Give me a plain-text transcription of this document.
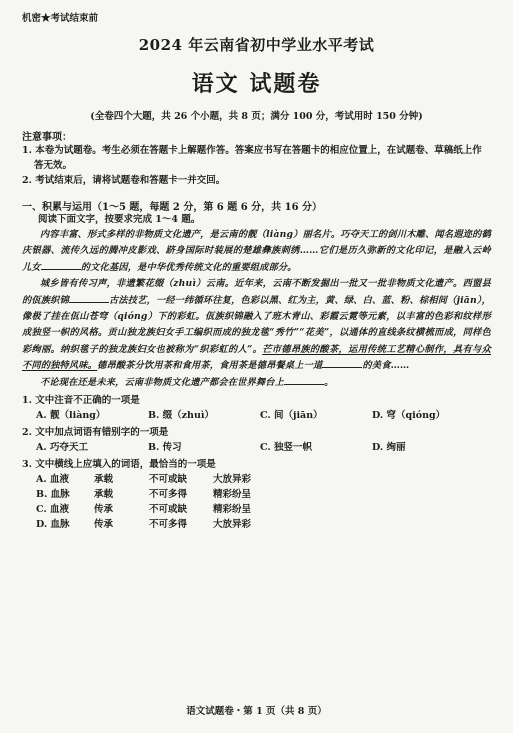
机密★考试结束前
2024 年云南省初中学业水平考试
语文 试题卷
(全卷四个大题，共 26 个小题，共 8 页；满分 100 分，考试用时 150 分钟)
注意事项：
1. 本卷为试题卷。考生必须在答题卡上解题作答。答案应书写在答题卡的相应位置上，在试题卷、草稿纸上作答无效。
2. 考试结束后，请将试题卷和答题卡一并交回。
一、积累与运用（1～5 题，每题 2 分，第 6 题 6 分，共 16 分）
阅读下面文字，按要求完成 1～4 题。
内容丰富、形式多样的非物质文化遗产，是云南的靓（liàng）丽名片。巧夺天工的剑川木雕、闻名遐迩的鹤庆银器、流传久远的腾冲皮影戏、跻身国际时装展的楚雄彝族刺绣……它们是历久弥新的文化印记，是融入云岭儿女	的文化基因，是中华优秀传统文化的重要组成部分。
城乡皆有传习声，非遗繁花缀（zhuì）云南。近年来，云南不断发掘出一批又一批非物质文化遗产。西盟县的佤族织锦	古法技艺，一经一纬循环往复，色彩以黑、红为主，黄、绿、白、蓝、粉、棕相间（jiān），像极了挂在佤山苍穹（qióng）下的彩虹。佤族织锦融入了班木青山、彩霞云霓等元素，以丰富的色彩和纹样形成独竖一帜的风格。贡山独龙族妇女手工编织而成的独龙毯“秀竹”“花美”，以通体的直线条纹横梳而成，同样色彩绚丽。纳织毯子的独龙族妇女也被称为“织彩虹的人”。芒市德昂族的酸茶，运用传统工艺精心制作，具有与众不同的独特风味。德昂酸茶分饮用茶和食用茶，食用茶是德昂餐桌上一道	的美食……
不论现在还是未来，云南非物质文化遗产都会在世界舞台上	。
1. 文中注音不正确的一项是
A. 靓（liàng）	B. 缀（zhuì）	C. 间（jiān）	D. 穹（qióng）
2. 文中加点词语有错别字的一项是
A. 巧夺天工	B. 传习	C. 独竖一帜	D. 绚丽
3. 文中横线上应填入的词语，最恰当的一项是
A. 血液	承载	不可或缺	大放异彩
B. 血脉	承载	不可多得	精彩纷呈
C. 血液	传承	不可或缺	精彩纷呈
D. 血脉	传承	不可多得	大放异彩
语文试题卷・第 1 页（共 8 页）
